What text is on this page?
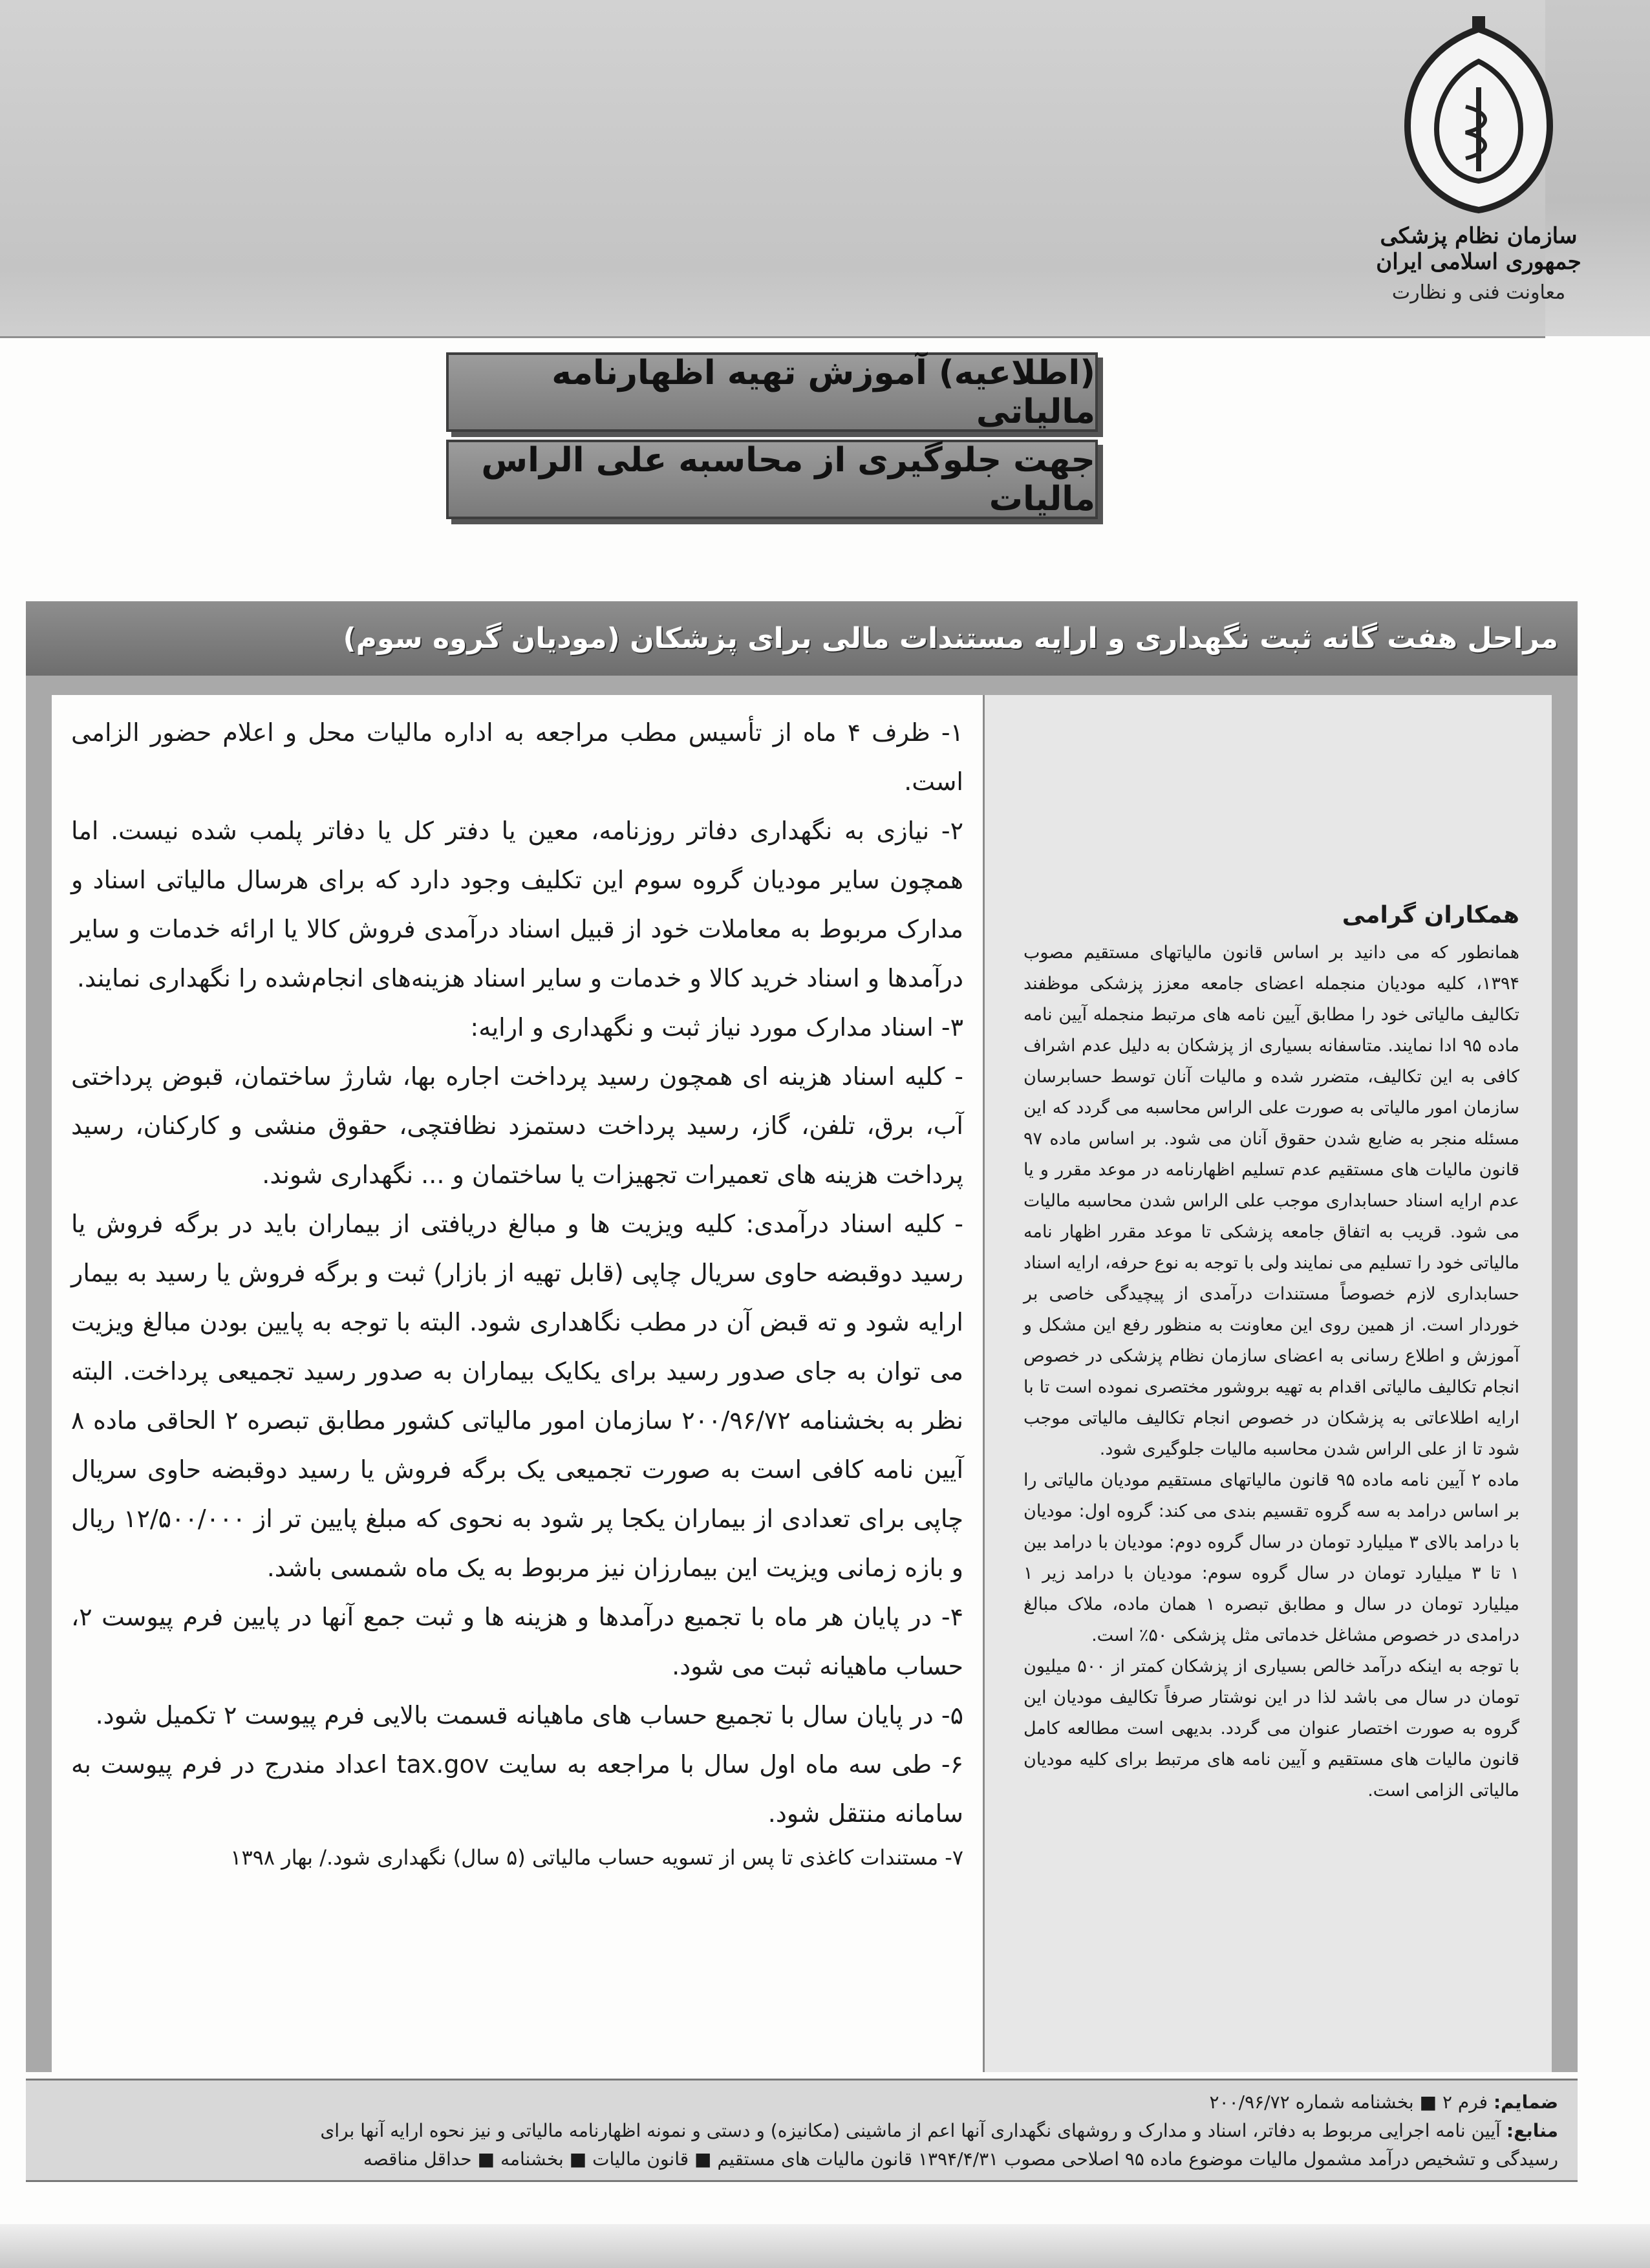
سازمان نظام پزشکی جمهوری اسلامی ایران
معاونت فنی و نظارت
(اطلاعیه) آموزش تهیه اظهارنامه مالیاتی
جهت جلوگیری از محاسبه علی الراس مالیات
مراحل هفت گانه ثبت نگهداری و ارایه مستندات مالی برای پزشکان (مودیان گروه سوم)

۱- ظرف ۴ ماه از تأسیس مطب مراجعه به اداره مالیات محل و اعلام حضور الزامی است.

۲- نیازی به نگهداری دفاتر روزنامه، معین یا دفتر کل یا دفاتر پلمب شده نیست. اما همچون سایر مودیان گروه سوم این تکلیف وجود دارد که برای هرسال مالیاتی اسناد و مدارک مربوط به معاملات خود از قبیل اسناد درآمدی فروش کالا یا ارائه خدمات و سایر درآمدها و اسناد خرید کالا و خدمات و سایر اسناد هزینه‌های انجام‌شده را نگهداری نمایند.

۳- اسناد مدارک مورد نیاز ثبت و نگهداری و ارایه:

- کلیه اسناد هزینه ای همچون رسید پرداخت اجاره بها، شارژ ساختمان، قبوض پرداختی آب، برق، تلفن، گاز، رسید پرداخت دستمزد نظافتچی، حقوق منشی و کارکنان، رسید پرداخت هزینه های تعمیرات تجهیزات یا ساختمان و ... نگهداری شوند.

- کلیه اسناد درآمدی: کلیه ویزیت ها و مبالغ دریافتی از بیماران باید در برگه فروش یا رسید دوقبضه حاوی سریال چاپی (قابل تهیه از بازار) ثبت و برگه فروش یا رسید به بیمار ارایه شود و ته قبض آن در مطب نگاهداری شود. البته با توجه به پایین بودن مبالغ ویزیت می توان به جای صدور رسید برای یکایک بیماران به صدور رسید تجمیعی پرداخت. البته نظر به بخشنامه ۲۰۰/۹۶/۷۲ سازمان امور مالیاتی کشور مطابق تبصره ۲ الحاقی ماده ۸ آیین نامه کافی است به صورت تجمیعی یک برگه فروش یا رسید دوقبضه حاوی سریال چاپی برای تعدادی از بیماران یکجا پر شود به نحوی که مبلغ پایین تر از ۱۲/۵۰۰/۰۰۰ ریال و بازه زمانی ویزیت این بیمارزان نیز مربوط به یک ماه شمسی باشد.

۴- در پایان هر ماه با تجمیع درآمدها و هزینه ها و ثبت جمع آنها در پایین فرم پیوست ۲، حساب ماهیانه ثبت می شود.

۵- در پایان سال با تجمیع حساب های ماهیانه قسمت بالایی فرم پیوست ۲ تکمیل شود.

۶- طی سه ماه اول سال با مراجعه به سایت tax.gov اعداد مندرج در فرم پیوست به سامانه منتقل شود.

۷- مستندات کاغذی تا پس از تسویه حساب مالیاتی (۵ سال) نگهداری شود./ بهار ۱۳۹۸

همکاران گرامی

همانطور که می دانید بر اساس قانون مالیاتهای مستقیم مصوب ۱۳۹۴، کلیه مودیان منجمله اعضای جامعه معزز پزشکی موظفند تکالیف مالیاتی خود را مطابق آیین نامه های مرتبط منجمله آیین نامه ماده ۹۵ ادا نمایند. متاسفانه بسیاری از پزشکان به دلیل عدم اشراف کافی به این تکالیف، متضرر شده و مالیات آنان توسط حسابرسان سازمان امور مالیاتی به صورت علی الراس محاسبه می گردد که این مسئله منجر به ضایع شدن حقوق آنان می شود. بر اساس ماده ۹۷ قانون مالیات های مستقیم عدم تسلیم اظهارنامه در موعد مقرر و یا عدم ارایه اسناد حسابداری موجب علی الراس شدن محاسبه مالیات می شود. قریب به اتفاق جامعه پزشکی تا موعد مقرر اظهار نامه مالیاتی خود را تسلیم می نمایند ولی با توجه به نوع حرفه، ارایه اسناد حسابداری لازم خصوصاً مستندات درآمدی از پیچیدگی خاصی بر خوردار است. از همین روی این معاونت به منظور رفع این مشکل و آموزش و اطلاع رسانی به اعضای سازمان نظام پزشکی در خصوص انجام تکالیف مالیاتی اقدام به تهیه بروشور مختصری نموده است تا با ارایه اطلاعاتی به پزشکان در خصوص انجام تکالیف مالیاتی موجب شود تا از علی الراس شدن محاسبه مالیات جلوگیری شود.

ماده ۲ آیین نامه ماده ۹۵ قانون مالیاتهای مستقیم مودیان مالیاتی را بر اساس درامد به سه گروه تقسیم بندی می کند: گروه اول: مودیان با درامد بالای ۳ میلیارد تومان در سال گروه دوم: مودیان با درامد بین ۱ تا ۳ میلیارد تومان در سال گروه سوم: مودیان با درامد زیر ۱ میلیارد تومان در سال و مطابق تبصره ۱ همان ماده، ملاک مبالغ درامدی در خصوص مشاغل خدماتی مثل پزشکی ۵۰٪ است.

با توجه به اینکه درآمد خالص بسیاری از پزشکان کمتر از ۵۰۰ میلیون تومان در سال می باشد لذا در این نوشتار صرفاً تکالیف مودیان این گروه به صورت اختصار عنوان می گردد. بدیهی است مطالعه کامل قانون مالیات های مستقیم و آیین نامه های مرتبط برای کلیه مودیان مالیاتی الزامی است.

ضمایم: فرم ۲ ■ بخشنامه شماره ۲۰۰/۹۶/۷۲
منابع: آیین نامه اجرایی مربوط به دفاتر، اسناد و مدارک و روشهای نگهداری آنها اعم از ماشینی (مکانیزه) و دستی و نمونه اظهارنامه مالیاتی و نیز نحوه ارایه آنها برای
رسیدگی و تشخیص درآمد مشمول مالیات موضوع ماده ۹۵ اصلاحی مصوب ۱۳۹۴/۴/۳۱ قانون مالیات های مستقیم ■ قانون مالیات ■ بخشنامه ■ حداقل مناقصه
